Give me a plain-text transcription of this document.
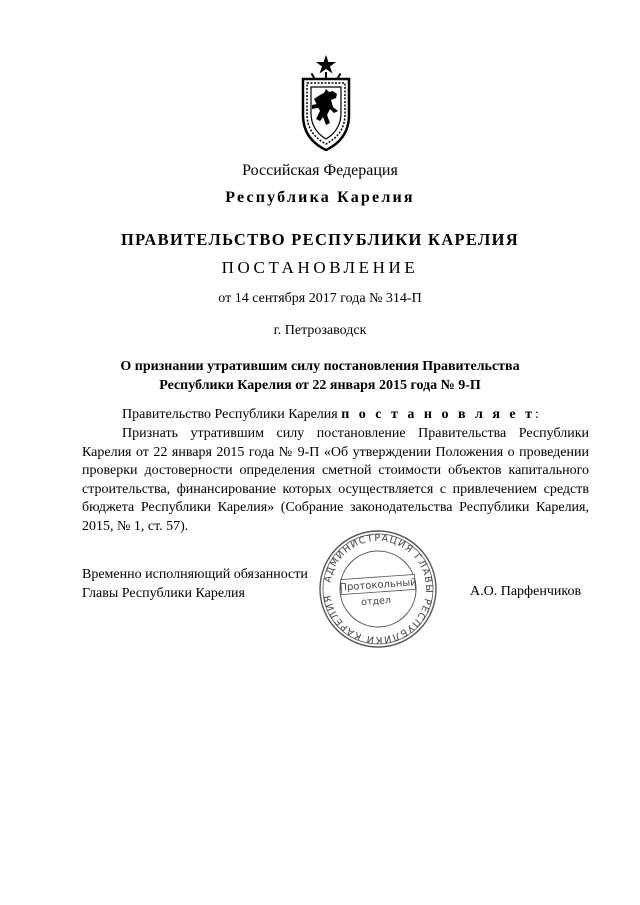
Российская Федерация
Республика Карелия
ПРАВИТЕЛЬСТВО РЕСПУБЛИКИ КАРЕЛИЯ
ПОСТАНОВЛЕНИЕ
от 14 сентября 2017 года № 314-П
г. Петрозаводск
О признании утратившим силу постановления Правительства
Республики Карелия от 22 января 2015 года № 9-П
Правительство Республики Карелия п о с т а н о в л я е т:
Признать утратившим силу постановление Правительства Республики Карелия от 22 января 2015 года № 9-П «Об утверждении Положения о проведении проверки достоверности определения сметной стоимости объектов капитального строительства, финансирование которых осуществляется с привлечением средств бюджета Республики Карелия» (Собрание законодательства Республики Карелия, 2015, № 1, ст. 57).
Временно исполняющий обязанности
Главы Республики Карелия	А.О. Парфенчиков
АДМИНИСТРАЦИЯ ГЛАВЫ РЕСПУБЛИКИ КАРЕЛИЯ
Протокольный
отдел
